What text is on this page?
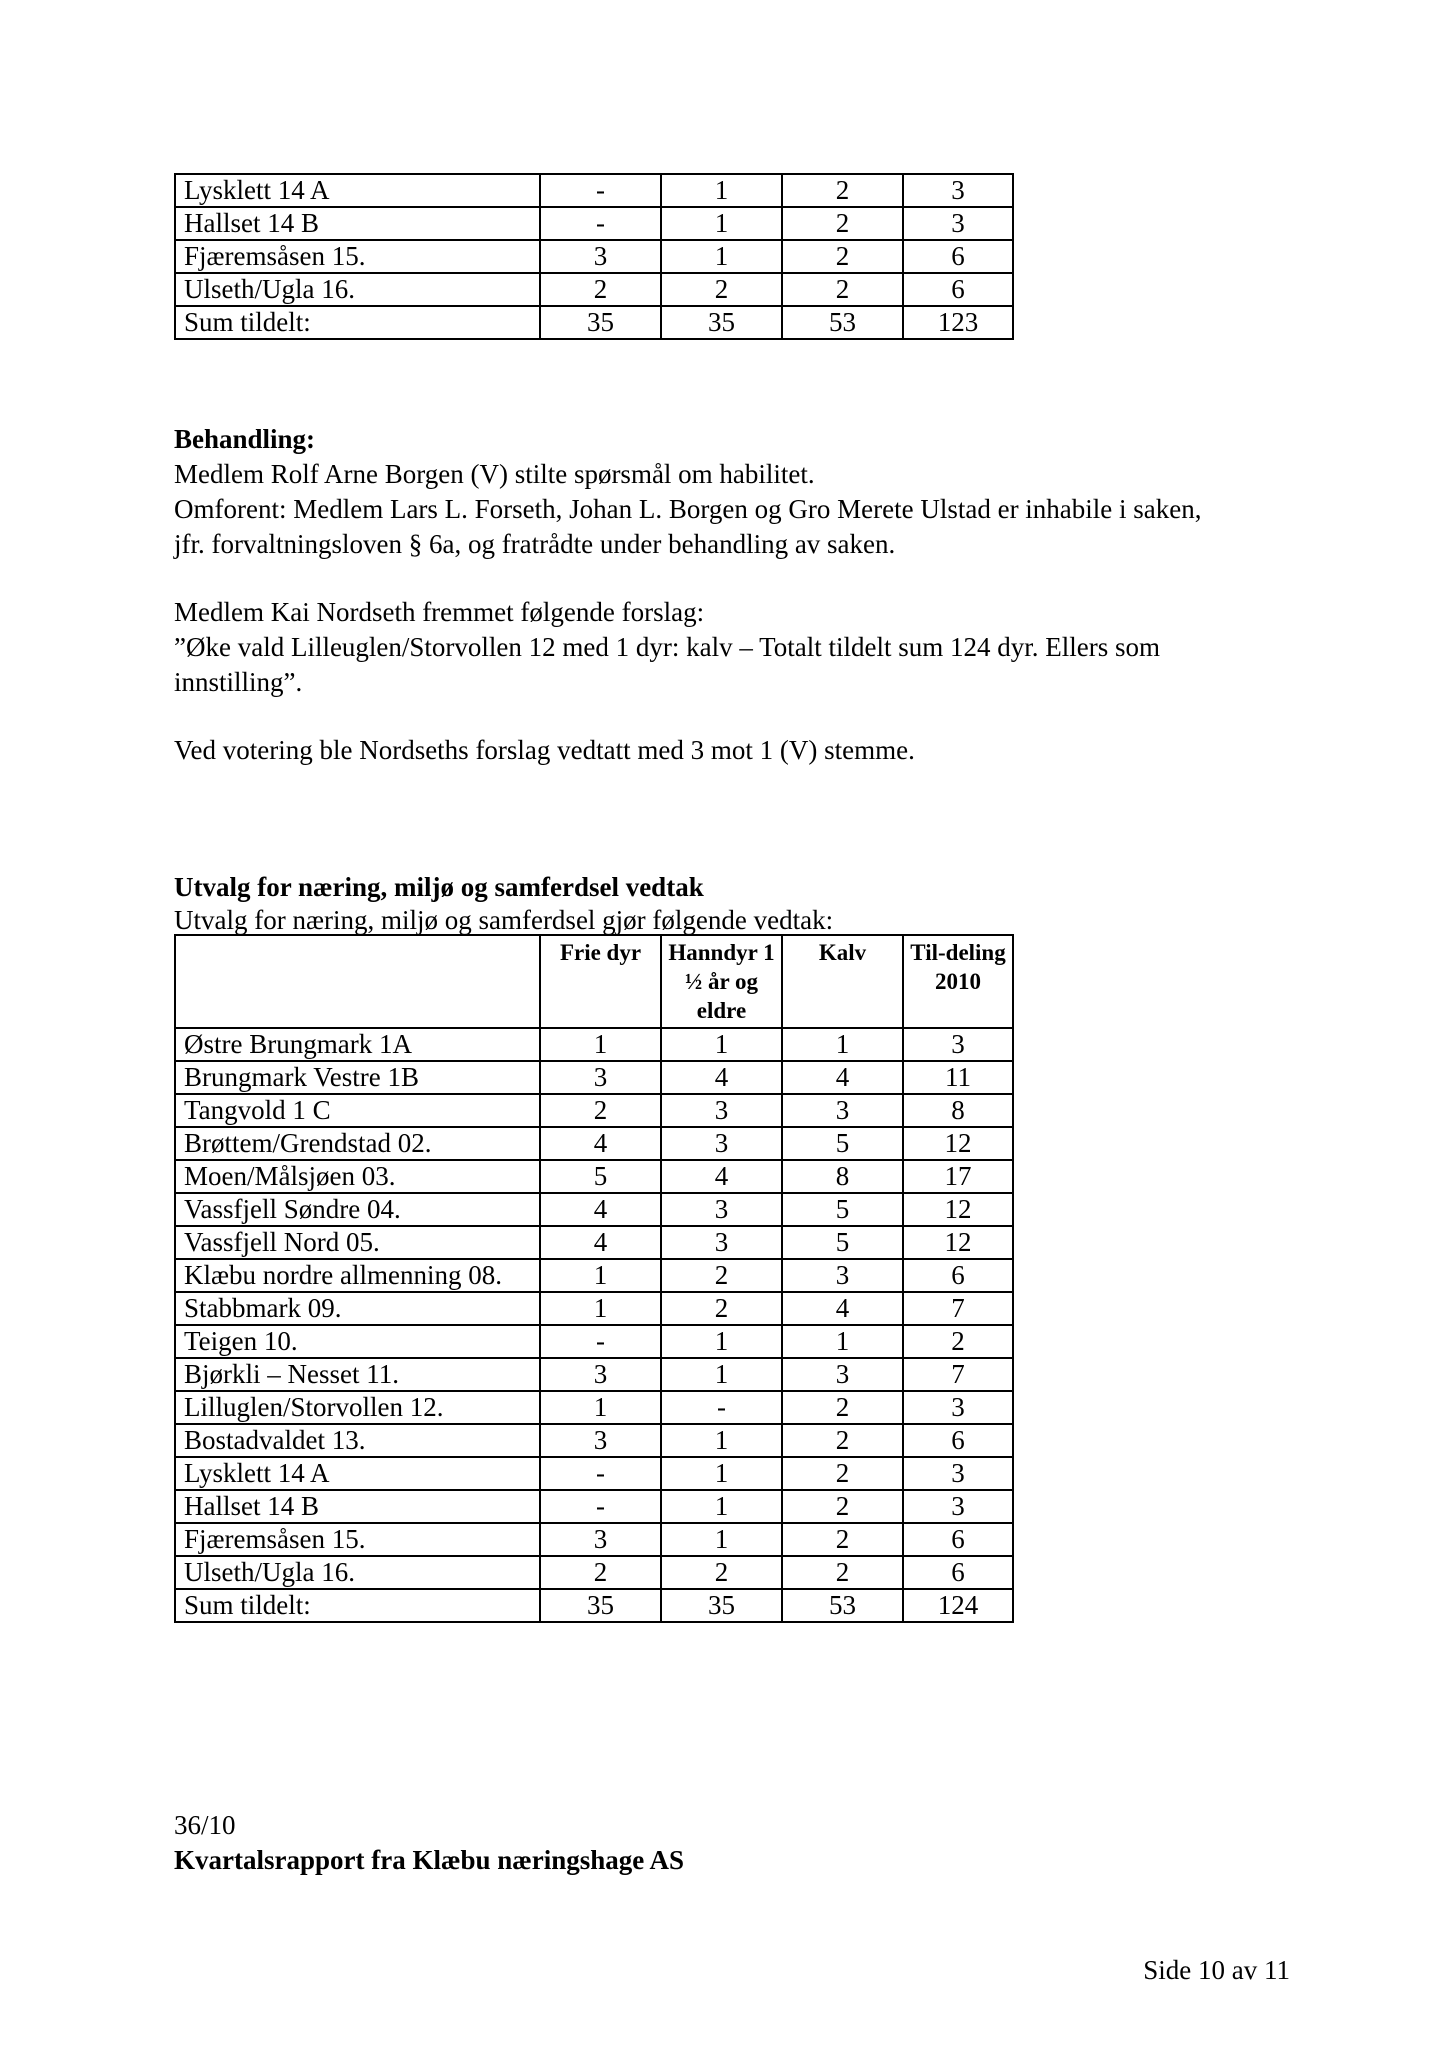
Lysklett 14 A	-	1	2	3
Hallset 14 B	-	1	2	3
Fjæremsåsen 15.	3	1	2	6
Ulseth/Ugla 16.	2	2	2	6
Sum tildelt:	35	35	53	123

Behandling:

Medlem Rolf Arne Borgen (V) stilte spørsmål om habilitet.

Omforent: Medlem Lars L. Forseth, Johan L. Borgen og Gro Merete Ulstad er inhabile i saken, jfr. forvaltningsloven § 6a, og fratrådte under behandling av saken.

Medlem Kai Nordseth fremmet følgende forslag:

”Øke vald Lilleuglen/Storvollen 12 med 1 dyr: kalv – Totalt tildelt sum 124 dyr. Ellers som innstilling”.

Ved votering ble Nordseths forslag vedtatt med 3 mot 1 (V) stemme.

Utvalg for næring, miljø og samferdsel vedtak

Utvalg for næring, miljø og samferdsel gjør følgende vedtak:

	Frie dyr	Hanndyr 1 ½ år og eldre	Kalv	Til-deling 2010
Østre Brungmark 1A	1	1	1	3
Brungmark Vestre 1B	3	4	4	11
Tangvold 1 C	2	3	3	8
Brøttem/Grendstad 02.	4	3	5	12
Moen/Målsjøen 03.	5	4	8	17
Vassfjell Søndre 04.	4	3	5	12
Vassfjell Nord 05.	4	3	5	12
Klæbu nordre allmenning 08.	1	2	3	6
Stabbmark 09.	1	2	4	7
Teigen 10.	-	1	1	2
Bjørkli – Nesset 11.	3	1	3	7
Lilluglen/Storvollen 12.	1	-	2	3
Bostadvaldet 13.	3	1	2	6
Lysklett 14 A	-	1	2	3
Hallset 14 B	-	1	2	3
Fjæremsåsen 15.	3	1	2	6
Ulseth/Ugla 16.	2	2	2	6
Sum tildelt:	35	35	53	124

36/10

Kvartalsrapport fra Klæbu næringshage AS

Side 10 av 11
